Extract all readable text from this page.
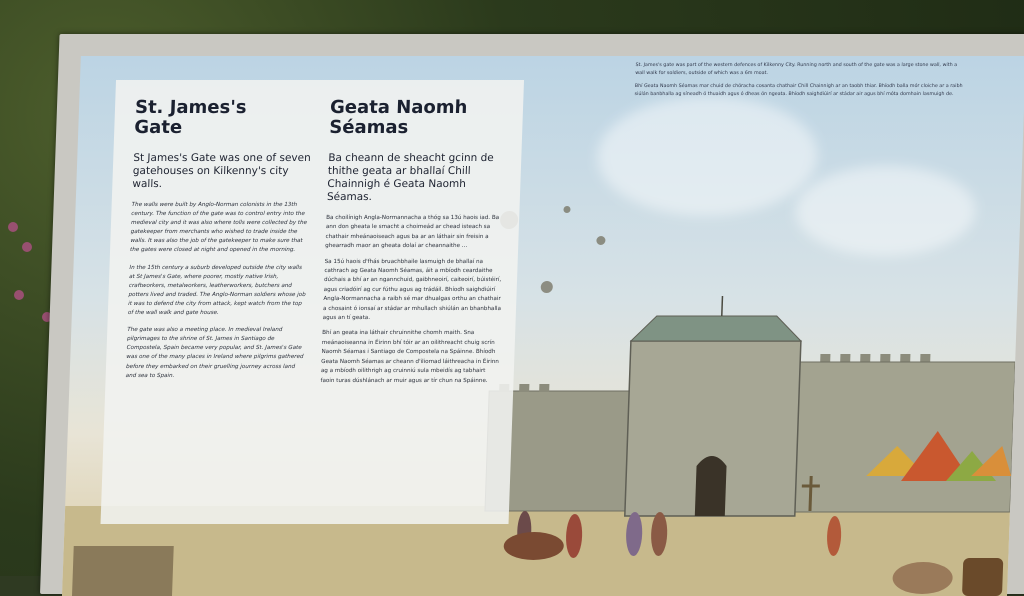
St. James's gate was part of the western defences of Kilkenny City. Running north and south of the gate was a large stone wall, with a wall walk for soldiers, outside of which was a 6m moat.

Bhí Geata Naomh Séamas mar chuid de chóracha cosanta chathair Chill Chainnigh ar an taobh thiar. Bhíodh balla mór cloiche ar a raibh siúlán banbhalla ag síneadh ó thuaidh agus ó dheas ón ngeata. Bhíodh saighdiúirí ar stádar air agus bhí móta domhain lasmuigh de.

St. James's
Gate
St James's Gate was one of seven gatehouses on Kilkenny's city walls.

The walls were built by Anglo-Norman colonists in the 13th century. The function of the gate was to control entry into the medieval city and it was also where tolls were collected by the gatekeeper from merchants who wished to trade inside the walls. It was also the job of the gatekeeper to make sure that the gates were closed at night and opened in the morning.

In the 15th century a suburb developed outside the city walls at St James's Gate, where poorer, mostly native Irish, craftworkers, metalworkers, leatherworkers, butchers and potters lived and traded. The Anglo-Norman soldiers whose job it was to defend the city from attack, kept watch from the top of the wall walk and gate house.

The gate was also a meeting place. In medieval Ireland pilgrimages to the shrine of St. James in Santiago de Compostela, Spain became very popular, and St. James's Gate was one of the many places in Ireland where pilgrims gathered before they embarked on their gruelling journey across land and sea to Spain.

Geata Naomh
Séamas
Ba cheann de sheacht gcinn de thithe geata ar bhallaí Chill Chainnigh é Geata Naomh Séamas.

Ba choilínigh Angla-Normannacha a thóg sa 13ú haois iad. Ba ann don gheata le smacht a choimeád ar chead isteach sa chathair mheánaoiseach agus ba ar an láthair sin freisin a ghearradh maor an gheata dolaí ar cheannaithe ...

Sa 15ú haois d'fhás bruachbhaile lasmuigh de bhallaí na cathrach ag Geata Naomh Séamas, áit a mbíodh ceardaithe dúchais a bhí ar an ngannchuid, gaibhneoirí, caiteoirí, búistéirí, agus criadóirí ag cur fúthu agus ag trádáil. Bhíodh saighdiúirí Angla-Normannacha a raibh sé mar dhualgas orthu an chathair a chosaint ó ionsaí ar stádar ar mhullach shiúlán an bhanbhalla agus an tí geata.

Bhí an geata ina láthair chruinnithe chomh maith. Sna meánaoiseanna in Éirinn bhí tóir ar an oilithreacht chuig scrín Naomh Séamas i Santiago de Compostela na Spáinne. Bhíodh Geata Naomh Séamas ar cheann d'iliomad láithreacha in Éirinn ag a mbíodh oilithrigh ag cruinniú sula mbeidís ag tabhairt faoin turas dúshlánach ar muir agus ar tír chun na Spáinne.
